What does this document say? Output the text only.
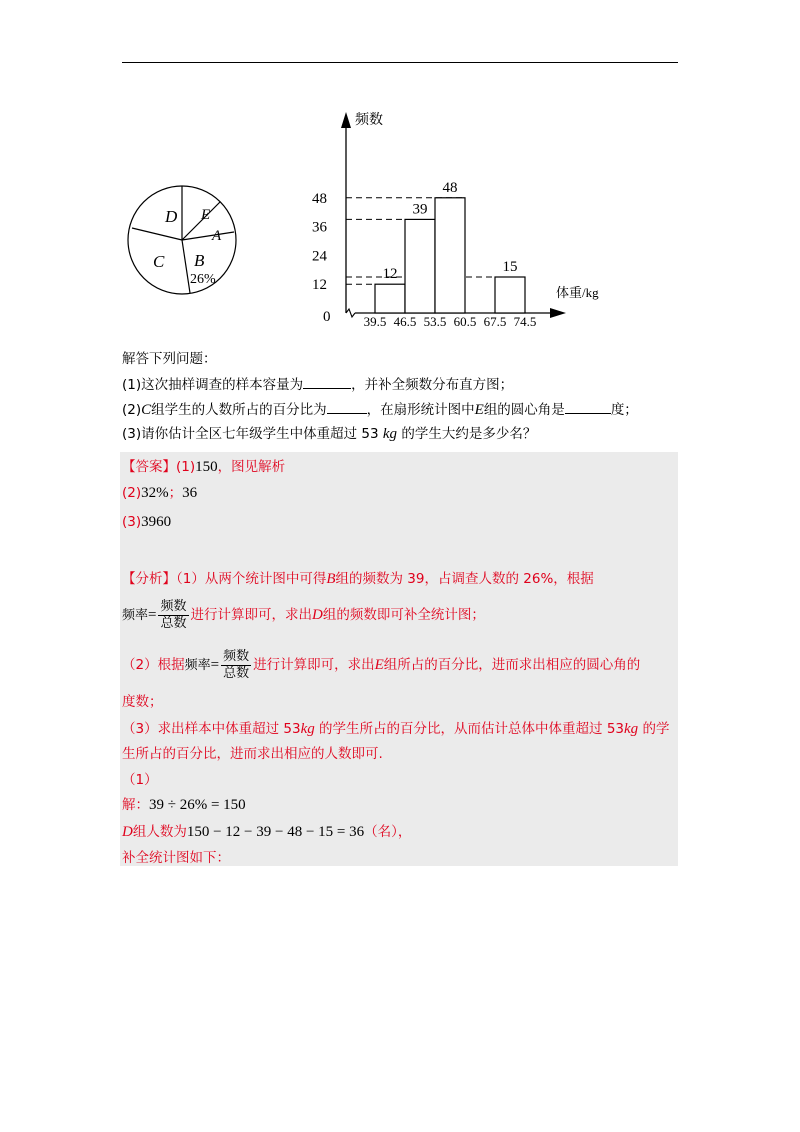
D E
A
C B
26%
频数
体重/kg
0
12
24
36
48
39.5 46.5 53.5 60.5 67.5 74.5
12
39
48
15
解答下列问题：
(1)这次抽样调查的样本容量为	，并补全频数分布直方图；
(2)C组学生的人数所占的百分比为	，在扇形统计图中E组的圆心角是	度；
(3)请你估计全区七年级学生中体重超过 53 kg 的学生大约是多少名？
【答案】(1)150，图见解析
(2)32%；36
(3)3960
【分析】（1）从两个统计图中可得B组的频数为 39，占调查人数的 26%，根据
频率= $\frac{\text{频数}}{\text{总数}}$ 进行计算即可，求出D组的频数即可补全统计图；
（2）根据频率= $\frac{\text{频数}}{\text{总数}}$ 进行计算即可，求出E组所占的百分比，进而求出相应的圆心角的
度数；
（3）求出样本中体重超过 53kg 的学生所占的百分比，从而估计总体中体重超过 53kg 的学
生所占的百分比，进而求出相应的人数即可.
（1）
解：39 ÷ 26% = 150
D组人数为150 − 12 − 39 − 48 − 15 = 36（名），
补全统计图如下：
